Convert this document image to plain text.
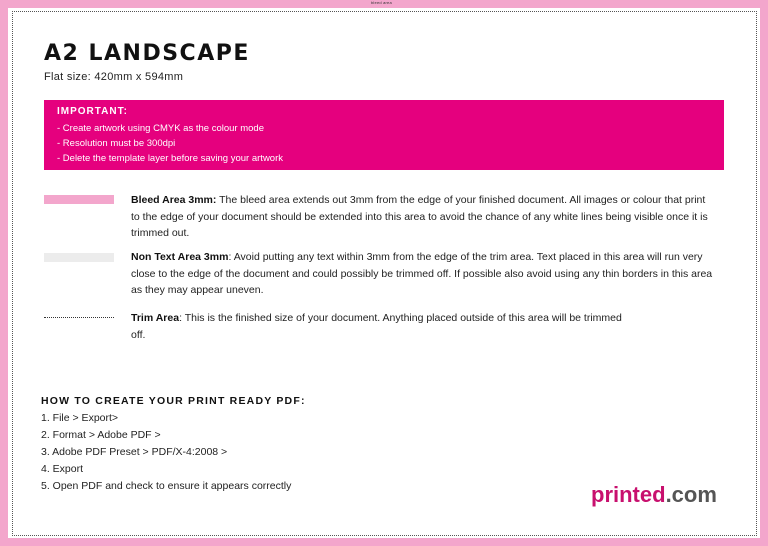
bleed area
A2 LANDSCAPE
Flat size: 420mm x 594mm
IMPORTANT:
- Create artwork using CMYK as the colour mode
- Resolution must be 300dpi
- Delete the template layer before saving your artwork
Bleed Area 3mm: The bleed area extends out 3mm from the edge of your finished document. All images or colour that print to the edge of your document should be extended into this area to avoid the chance of any white lines being visible once it is trimmed out.
Non Text Area 3mm: Avoid putting any text within 3mm from the edge of the trim area. Text placed in this area will run very close to the edge of the document and could possibly be trimmed off. If possible also avoid using any thin borders in this area as they may appear uneven.
Trim Area: This is the finished size of your document. Anything placed outside of this area will be trimmed off.
HOW TO CREATE YOUR PRINT READY PDF:
1. File > Export>
2. Format > Adobe PDF >
3. Adobe PDF Preset > PDF/X-4:2008 >
4. Export
5. Open PDF and check to ensure it appears correctly	printed.com
